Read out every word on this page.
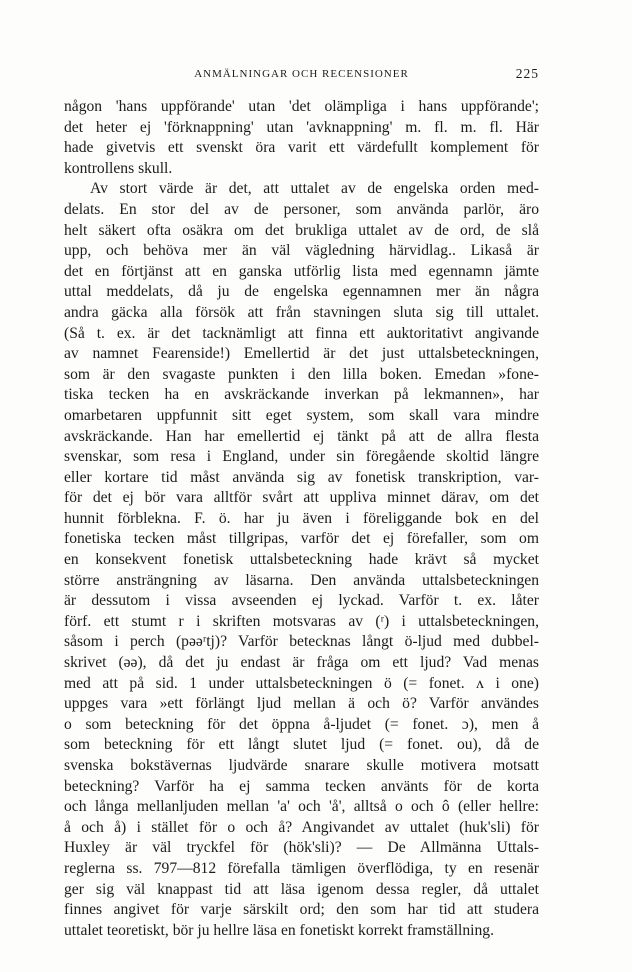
ANMÄLNINGAR OCH RECENSIONER	225
någon 'hans uppförande' utan 'det olämpliga i hans uppförande';
det heter ej 'förknappning' utan 'avknappning' m. fl. m. fl. Här
hade givetvis ett svenskt öra varit ett värdefullt komplement för
kontrollens skull.
Av stort värde är det, att uttalet av de engelska orden med-
delats. En stor del av de personer, som använda parlör, äro
helt säkert ofta osäkra om det brukliga uttalet av de ord, de slå
upp, och behöva mer än väl vägledning härvidlag.. Likaså är
det en förtjänst att en ganska utförlig lista med egennamn jämte
uttal meddelats, då ju de engelska egennamnen mer än några
andra gäcka alla försök att från stavningen sluta sig till uttalet.
(Så t. ex. är det tacknämligt att finna ett auktoritativt angivande
av namnet Fearenside!) Emellertid är det just uttalsbeteckningen,
som är den svagaste punkten i den lilla boken. Emedan »fone-
tiska tecken ha en avskräckande inverkan på lekmannen», har
omarbetaren uppfunnit sitt eget system, som skall vara mindre
avskräckande. Han har emellertid ej tänkt på att de allra flesta
svenskar, som resa i England, under sin föregående skoltid längre
eller kortare tid måst använda sig av fonetisk transkription, var-
för det ej bör vara alltför svårt att uppliva minnet därav, om det
hunnit förblekna. F. ö. har ju även i föreliggande bok en del
fonetiska tecken måst tillgripas, varför det ej förefaller, som om
en konsekvent fonetisk uttalsbeteckning hade krävt så mycket
större ansträngning av läsarna. Den använda uttalsbeteckningen
är dessutom i vissa avseenden ej lyckad. Varför t. ex. låter
förf. ett stumt r i skriften motsvaras av (ʳ) i uttalsbeteckningen,
såsom i perch (pəəʳtj)? Varför betecknas långt ö-ljud med dubbel-
skrivet (əə), då det ju endast är fråga om ett ljud? Vad menas
med att på sid. 1 under uttalsbeteckningen ö (= fonet. ʌ i one)
uppges vara »ett förlängt ljud mellan ä och ö? Varför användes
o som beteckning för det öppna å-ljudet (= fonet. ɔ), men å
som beteckning för ett långt slutet ljud (= fonet. ou), då de
svenska bokstävernas ljudvärde snarare skulle motivera motsatt
beteckning? Varför ha ej samma tecken använts för de korta
och långa mellanljuden mellan 'a' och 'å', alltså o och ô (eller hellre:
å och å) i stället för o och å? Angivandet av uttalet (huk'sli) för
Huxley är väl tryckfel för (hök'sli)? — De Allmänna Uttals-
reglerna ss. 797—812 förefalla tämligen överflödiga, ty en resenär
ger sig väl knappast tid att läsa igenom dessa regler, då uttalet
finnes angivet för varje särskilt ord; den som har tid att studera
uttalet teoretiskt, bör ju hellre läsa en fonetiskt korrekt framställning.
